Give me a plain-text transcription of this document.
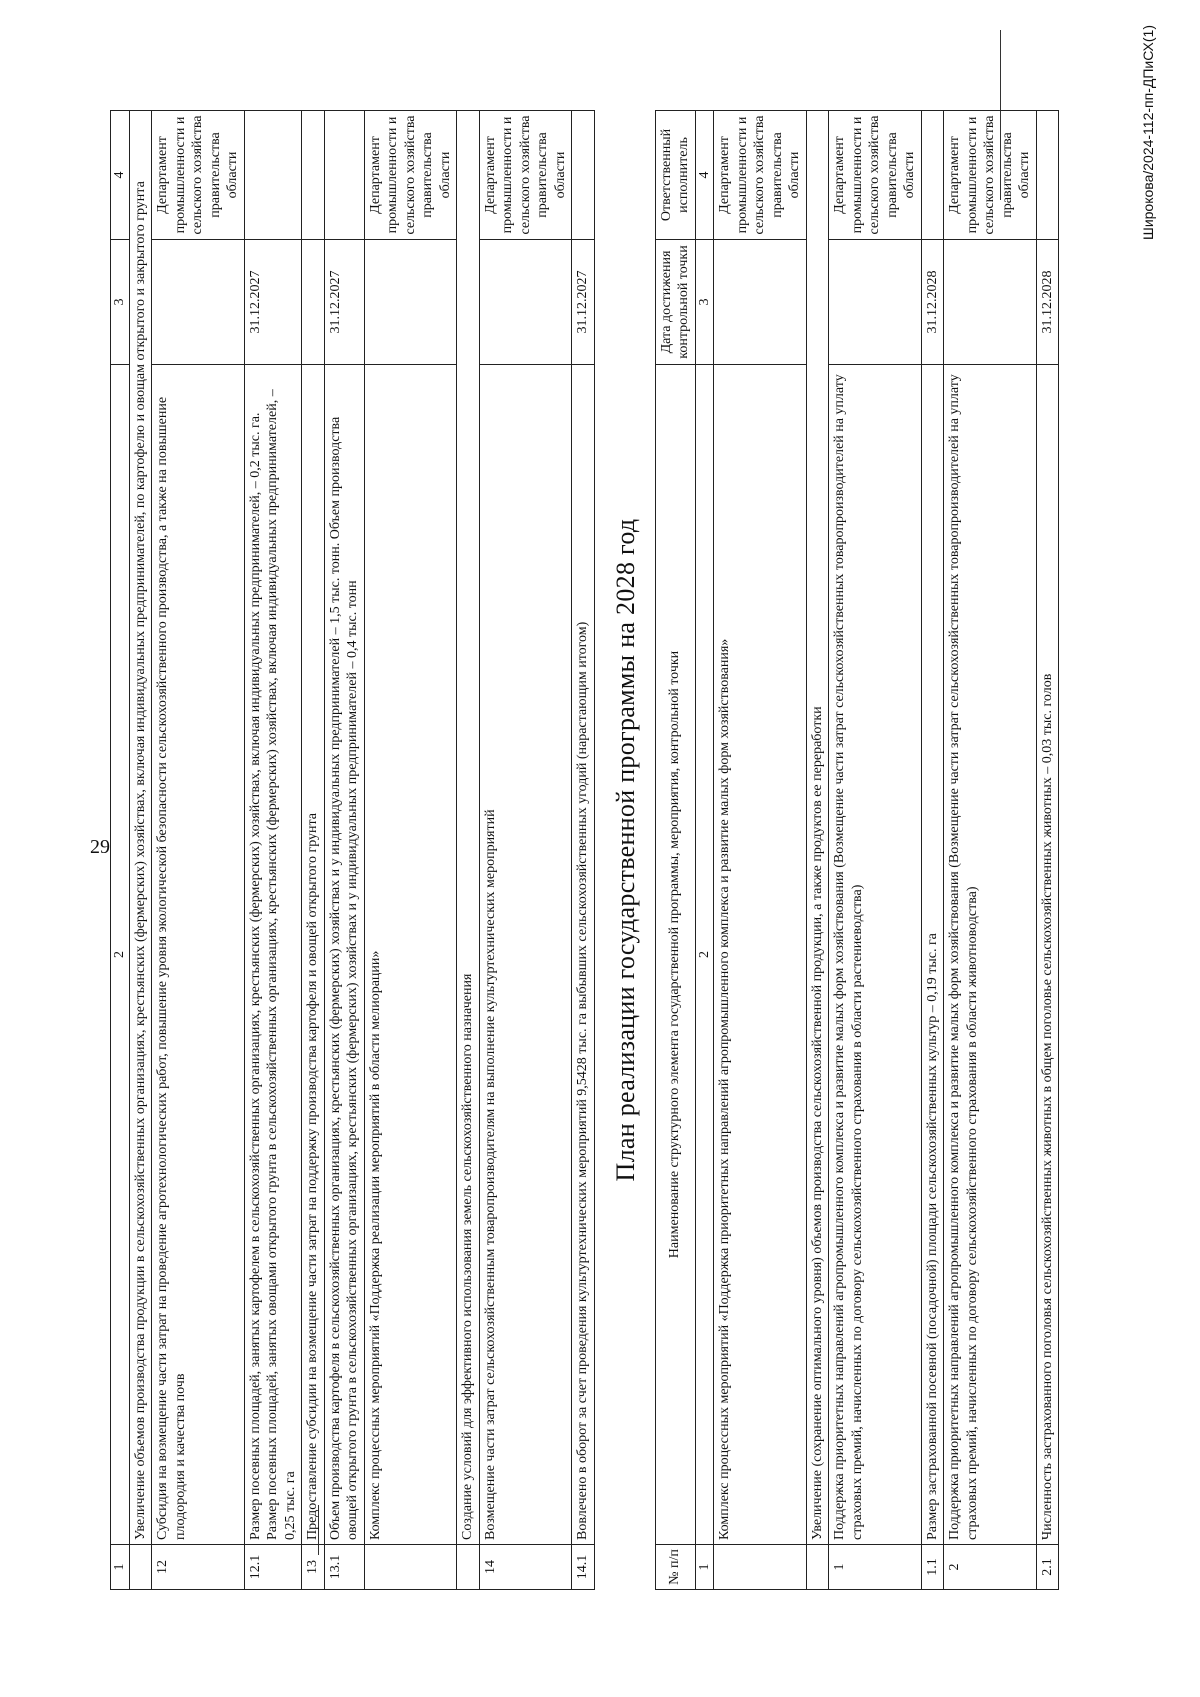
29
Широкова/2024-112-пп-ДПиСХ(1)
1	2	3	4
	Увеличение объемов производства продукции в сельскохозяйственных организациях, крестьянских (фермерских) хозяйствах, включая индивидуальных предпринимателей, по картофелю и овощам открытого и закрытого грунта		
12	Субсидия на возмещение части затрат на проведение агротехнологических работ, повышение уровня экологической безопасности сельскохозяйственного производства, а также на повышение плодородия и качества почв		Департамент промышленности и сельского хозяйства правительства области
12.1	Размер посевных площадей, занятых картофелем в сельскохозяйственных организациях, крестьянских (фермерских) хозяйствах, включая индивидуальных предпринимателей, – 0,2 тыс. га. Размер посевных площадей, занятых овощами открытого грунта в сельскохозяйственных организациях, крестьянских (фермерских) хозяйствах, включая индивидуальных предпринимателей, – 0,25 тыс. га	31.12.2027	
13	Предоставление субсидии на возмещение части затрат на поддержку производства картофеля и овощей открытого грунта		
13.1	Объем производства картофеля в сельскохозяйственных организациях, крестьянских (фермерских) хозяйствах и у индивидуальных предпринимателей – 1,5 тыс. тонн. Объем производства овощей открытого грунта в сельскохозяйственных организациях, крестьянских (фермерских) хозяйствах и у индивидуальных предпринимателей – 0,4 тыс. тонн	31.12.2027	
	Комплекс процессных мероприятий «Поддержка реализации мероприятий в области мелиорации»		Департамент промышленности и сельского хозяйства правительства области
	Создание условий для эффективного использования земель сельскохозяйственного назначения		
14	Возмещение части затрат сельскохозяйственным товаропроизводителям на выполнение культуртехнических мероприятий		Департамент промышленности и сельского хозяйства правительства области
14.1	Вовлечено в оборот за счет проведения культуртехнических мероприятий 9,5428 тыс. га выбывших сельскохозяйственных угодий (нарастающим итогом)	31.12.2027	
План реализации государственной программы на 2028 год
№ п/п	Наименование структурного элемента государственной программы, мероприятия, контрольной точки	Дата достижения контрольной точки	Ответственный исполнитель
1	2	3	4
	Комплекс процессных мероприятий «Поддержка приоритетных направлений агропромышленного комплекса и развитие малых форм хозяйствования»		Департамент промышленности и сельского хозяйства правительства области
	Увеличение (сохранение оптимального уровня) объемов производства сельскохозяйственной продукции, а также продуктов ее переработки		
1	Поддержка приоритетных направлений агропромышленного комплекса и развитие малых форм хозяйствования (Возмещение части затрат сельскохозяйственных товаропроизводителей на уплату страховых премий, начисленных по договору сельскохозяйственного страхования в области растениеводства)		Департамент промышленности и сельского хозяйства правительства области
1.1	Размер застрахованной посевной (посадочной) площади сельскохозяйственных культур – 0,19 тыс. га	31.12.2028	
2	Поддержка приоритетных направлений агропромышленного комплекса и развитие малых форм хозяйствования (Возмещение части затрат сельскохозяйственных товаропроизводителей на уплату страховых премий, начисленных по договору сельскохозяйственного страхования в области животноводства)		Департамент промышленности и сельского хозяйства правительства области
2.1	Численность застрахованного поголовья сельскохозяйственных животных в общем поголовье сельскохозяйственных животных – 0,03 тыс. голов	31.12.2028	
